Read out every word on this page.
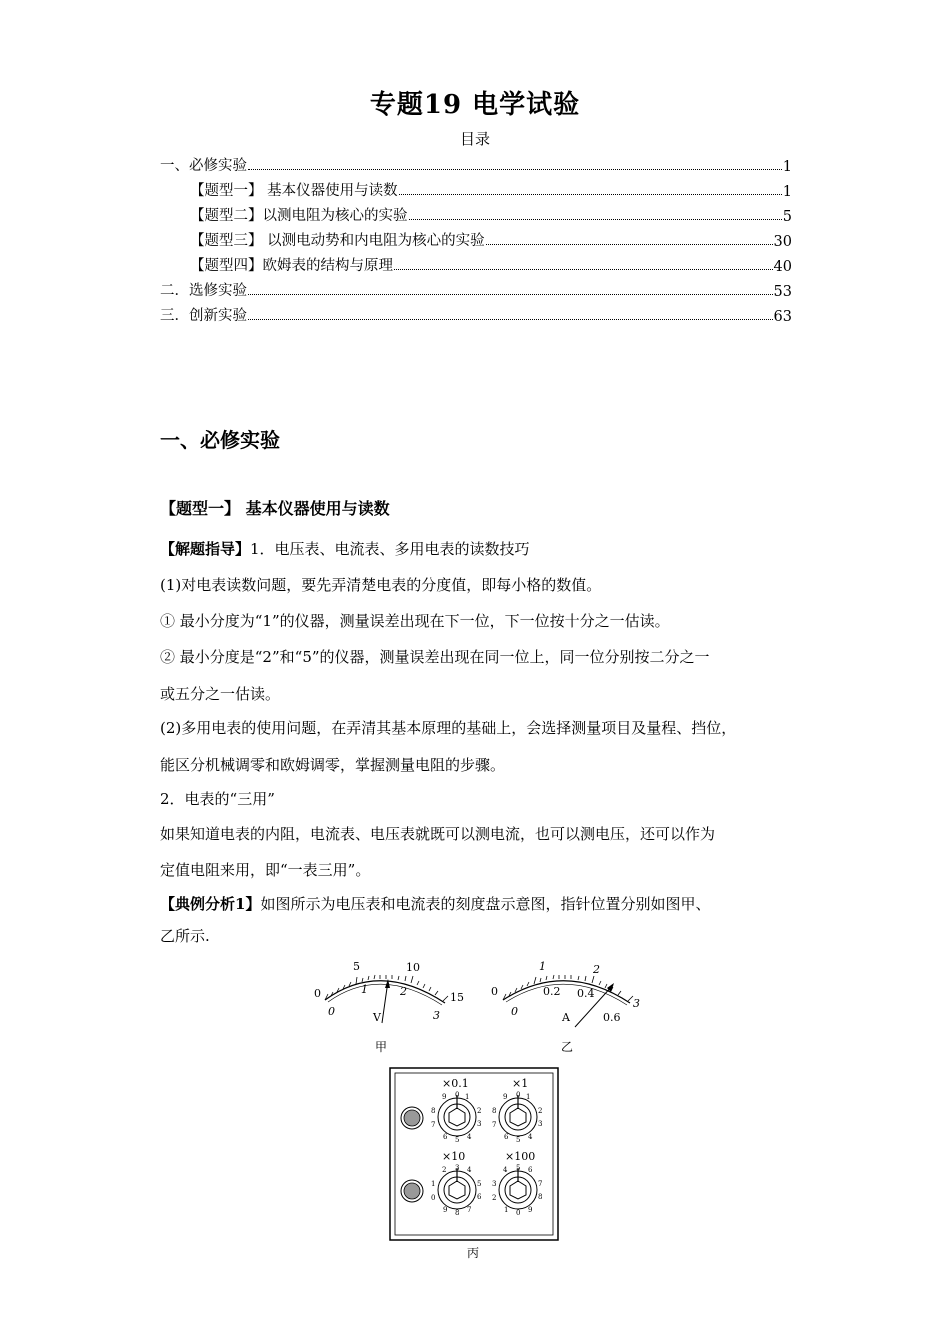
专题19 电学试验
目录
一、必修实验	1
【题型一】 基本仪器使用与读数	1
【题型二】以测电阻为核心的实验	5
【题型三】 以测电动势和内电阻为核心的实验	30
【题型四】欧姆表的结构与原理	40
二．选修实验	53
三．创新实验	63
一、必修实验
【题型一】 基本仪器使用与读数
【解题指导】1．电压表、电流表、多用电表的读数技巧
(1)对电表读数问题，要先弄清楚电表的分度值，即每小格的数值。
① 最小分度为“1”的仪器，测量误差出现在下一位，下一位按十分之一估读。
② 最小分度是“2”和“5”的仪器，测量误差出现在同一位上，同一位分别按二分之一
或五分之一估读。
(2)多用电表的使用问题，在弄清其基本原理的基础上，会选择测量项目及量程、挡位，
能区分机械调零和欧姆调零，掌握测量电阻的步骤。
2．电表的“三用”
如果知道电表的内阻，电流表、电压表就既可以测电流，也可以测电压，还可以作为
定值电阻来用，即“一表三用”。
【典例分析1】如图所示为电压表和电流表的刻度盘示意图，指针位置分别如图甲、
乙所示.
0
5	10
15
0
1	2
3
V
甲
0
1	2
3
0
0.2 0.4
0.6
A
乙
×0.1
0 1
2
3
4
5
6
7
8
9
×1
0 1
2
3
4
5
6
7
8
9
×10
3 4
5
6
7
8
9
0
1
2
×100
5 6
7
8
9
0
1
2
3
4
丙
